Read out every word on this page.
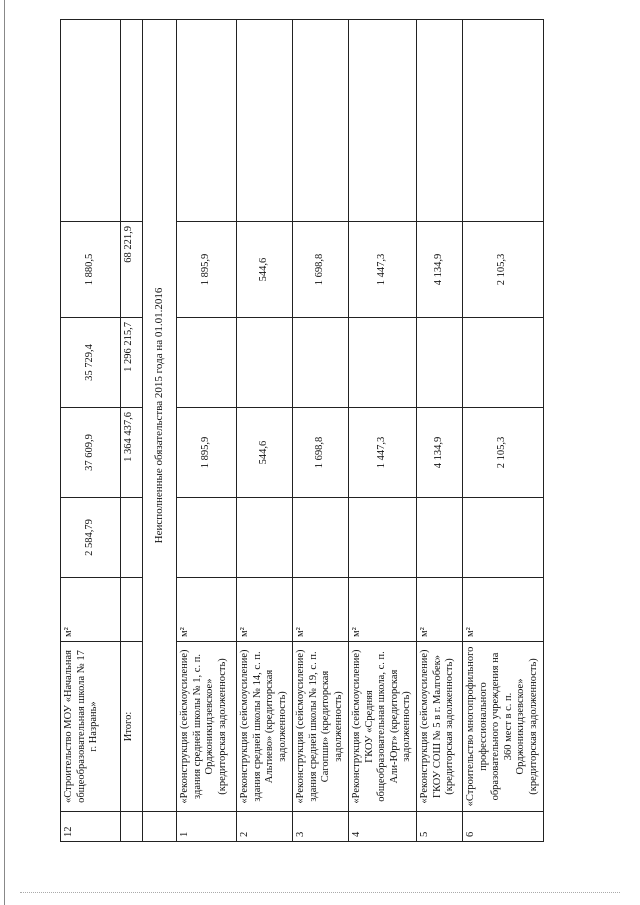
12	«Строительство МОУ «Начальная общеобразовательная школа № 17 г. Назрань»	м²	2 584,79	37 609,9	35 729,4	1 880,5	
	Итого:			1 364 437,6	1 296 215,7	68 221,9	
	Неисполненные обязательства 2015 года на 01.01.2016						
1	«Реконструкция (сейсмоусиление) здания средней школы № 1, с. п. Орджоникидзевское» (кредиторская задолженность)	м²		1 895,9		1 895,9	
2	«Реконструкция (сейсмоусиление) здания средней школы № 14, с. п. Альтиево» (кредиторская задолженность)	м²		544,6		544,6	
3	«Реконструкция (сейсмоусиление) здания средней школы № 19, с. п. Сагопши» (кредиторская задолженность)	м²		1 698,8		1 698,8	
4	«Реконструкция (сейсмоусиление) ГКОУ «Средняя общеобразовательная школа, с. п. Али-Юрт» (кредиторская задолженность)	м²		1 447,3		1 447,3	
5	«Реконструкция (сейсмоусиление) ГКОУ СОШ № 5 в г. Малгобек» (кредиторская задолженность)	м²		4 134,9		4 134,9	
6	«Строительство многопрофильного профессионального образовательного учреждения на 360 мест в с. п. Орджоникидзевское» (кредиторская задолженность)	м²		2 105,3		2 105,3	
